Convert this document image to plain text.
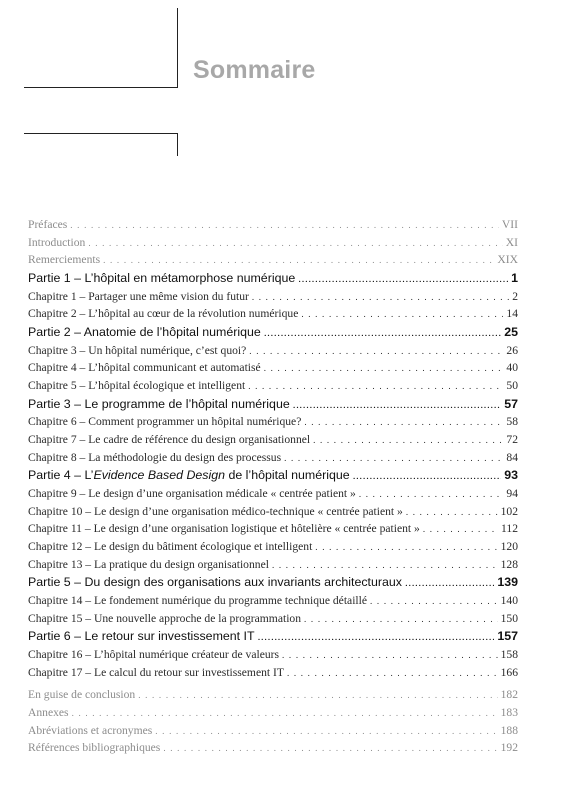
Sommaire
Préfaces . . .	VII
Introduction . . .	XI
Remerciements . . .	XIX
Partie 1 – L’hôpital en métamorphose numérique .....	1
Chapitre 1 – Partager une même vision du futur . . .	2
Chapitre 2 – L’hôpital au cœur de la révolution numérique . . .	14
Partie 2 – Anatomie de l’hôpital numérique .....	25
Chapitre 3 – Un hôpital numérique, c’est quoi? . . .	26
Chapitre 4 – L’hôpital communicant et automatisé . . .	40
Chapitre 5 – L’hôpital écologique et intelligent . . .	50
Partie 3 – Le programme de l’hôpital numérique .....	57
Chapitre 6 – Comment programmer un hôpital numérique? . . .	58
Chapitre 7 – Le cadre de référence du design organisationnel . . .	72
Chapitre 8 – La méthodologie du design des processus . . .	84
Partie 4 – L’Evidence Based Design de l’hôpital numérique .....	93
Chapitre 9 – Le design d’une organisation médicale « centrée patient » . . .	94
Chapitre 10 – Le design d’une organisation médico-technique « centrée patient » . . .	102
Chapitre 11 – Le design d’une organisation logistique et hôtelière « centrée patient » . . .	112
Chapitre 12 – Le design du bâtiment écologique et intelligent . . .	120
Chapitre 13 – La pratique du design organisationnel . . .	128
Partie 5 – Du design des organisations aux invariants architecturaux .....	139
Chapitre 14 – Le fondement numérique du programme technique détaillé . . .	140
Chapitre 15 – Une nouvelle approche de la programmation . . .	150
Partie 6 – Le retour sur investissement IT .....	157
Chapitre 16 – L’hôpital numérique créateur de valeurs . . .	158
Chapitre 17 – Le calcul du retour sur investissement IT . . .	166
En guise de conclusion . . .	182
Annexes . . .	183
Abréviations et acronymes . . .	188
Références bibliographiques . . .	192
